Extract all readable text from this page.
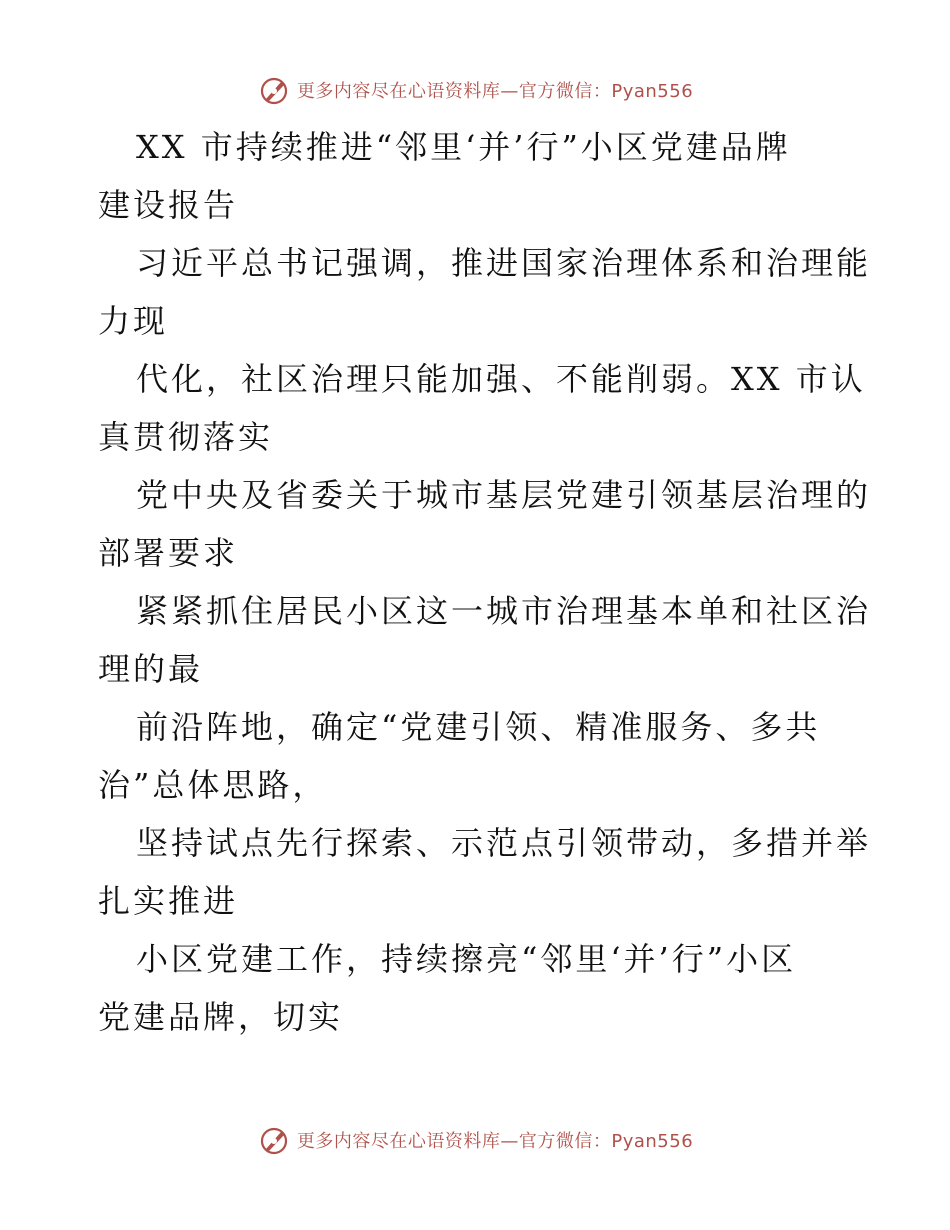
更多内容尽在心语资料库—官方微信：Pyan556
XX 市持续推进“邻里‘并’行”小区党建品牌
建设报告
习近平总书记强调，推进国家治理体系和治理能
力现
代化，社区治理只能加强、不能削弱。XX 市认
真贯彻落实
党中央及省委关于城市基层党建引领基层治理的
部署要求
紧紧抓住居民小区这一城市治理基本单和社区治
理的最
前沿阵地，确定“党建引领、精准服务、多共
治”总体思路，
坚持试点先行探索、示范点引领带动，多措并举
扎实推进
小区党建工作，持续擦亮“邻里‘并’行”小区
党建品牌，切实
更多内容尽在心语资料库—官方微信：Pyan556
